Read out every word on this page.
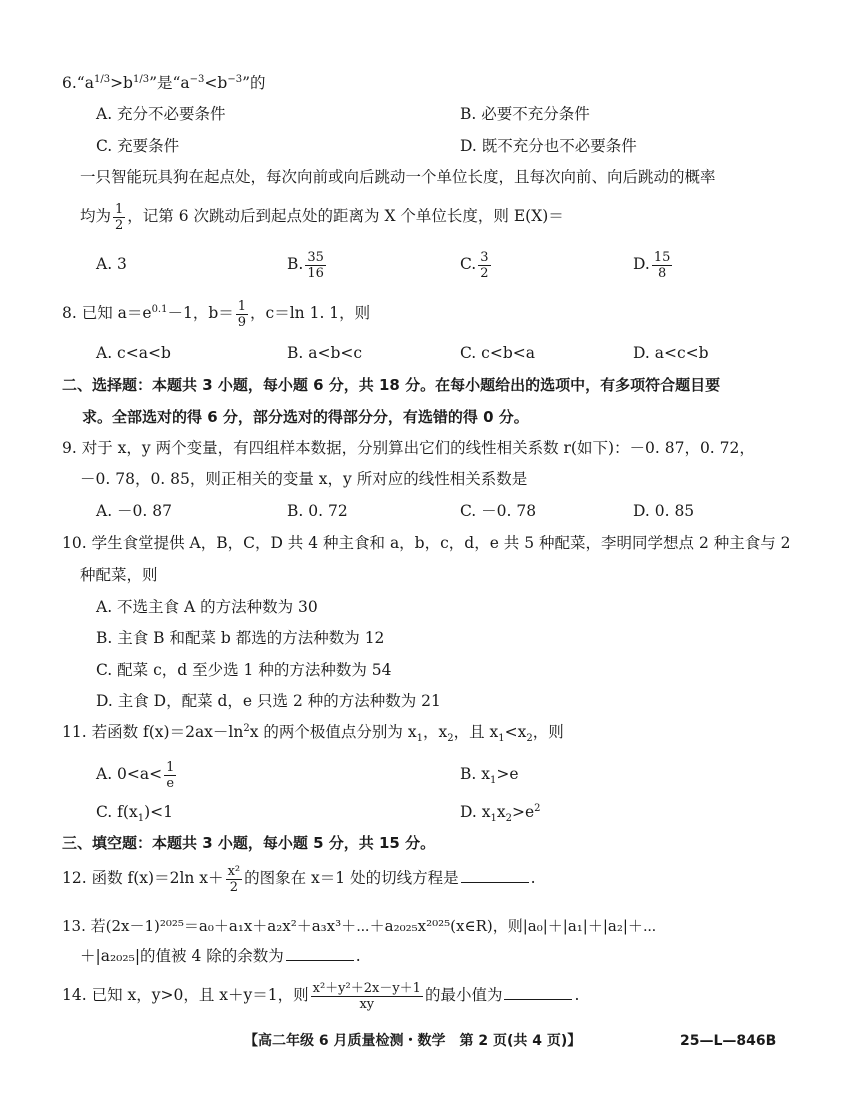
$6.“a^{1/3}>b^{1/3}$”是“$a^{-3}<b^{-3}$”的
A. 充分不必要条件	B. 必要不充分条件
C. 充要条件	D. 既不充分也不必要条件
一只智能玩具狗在起点处，每次向前或向后跳动一个单位长度，且每次向前、向后跳动的概率
均为 $\frac{1}{2}$ ，记第 6 次跳动后到起点处的距离为 X 个单位长度，则 E(X)＝
A. 3	B. $\frac{35}{16}$	C. $\frac{3}{2}$	D. $\frac{15}{8}$
8. 已知 $a=e^{0.1}-1$，$b= \frac{1}{9}$ ，c＝ln 1. 1，则
A. c<a<b	B. a<b<c	C. c<b<a	D. a<c<b
二、选择题：本题共 3 小题，每小题 6 分，共 18 分。在每小题给出的选项中，有多项符合题目要
求。全部选对的得 6 分，部分选对的得部分分，有选错的得 0 分。
9. 对于 x，y 两个变量，有四组样本数据，分别算出它们的线性相关系数 r(如下)：－0. 87，0. 72，
－0. 78，0. 85，则正相关的变量 x，y 所对应的线性相关系数是
A. －0. 87	B. 0. 72	C. －0. 78	D. 0. 85
10. 学生食堂提供 A，B，C，D 共 4 种主食和 a，b，c，d，e 共 5 种配菜，李明同学想点 2 种主食与 2
种配菜，则
A. 不选主食 A 的方法种数为 30
B. 主食 B 和配菜 b 都选的方法种数为 12
C. 配菜 c，d 至少选 1 种的方法种数为 54
D. 主食 D，配菜 d，e 只选 2 种的方法种数为 21
11. 若函数 $f(x)=2ax-\ln^2x$ 的两个极值点分别为 $x_1$，$x_2$，且 $x_1<x_2$，则
A. $0<a< \frac{1}{e}$	B. $x_1>e$
C. $f(x_1)<1$	D. $x_1x_2>e^2$
三、填空题：本题共 3 小题，每小题 5 分，共 15 分。
12. 函数 f(x)＝2ln $x+ \frac{\text{x²}}{2}$ 的图象在 x＝1 处的切线方程是	.
13. 若(2x－1)²⁰²⁵＝a₀＋a₁x＋a₂x²＋a₃x³＋⋯＋a₂₀₂₅x²⁰²⁵(x∈R)，则|a₀|＋|a₁|＋|a₂|＋⋯
＋|a₂₀₂₅|的值被 4 除的余数为	.
14. 已知 x，y>0，且 x＋y＝1，则 $\frac{\text{x²＋y²＋2x－y＋1}}{xy}$ 的最小值为	.
【高二年级 6 月质量检测・数学　第 2 页(共 4 页)】	25—L—846B
